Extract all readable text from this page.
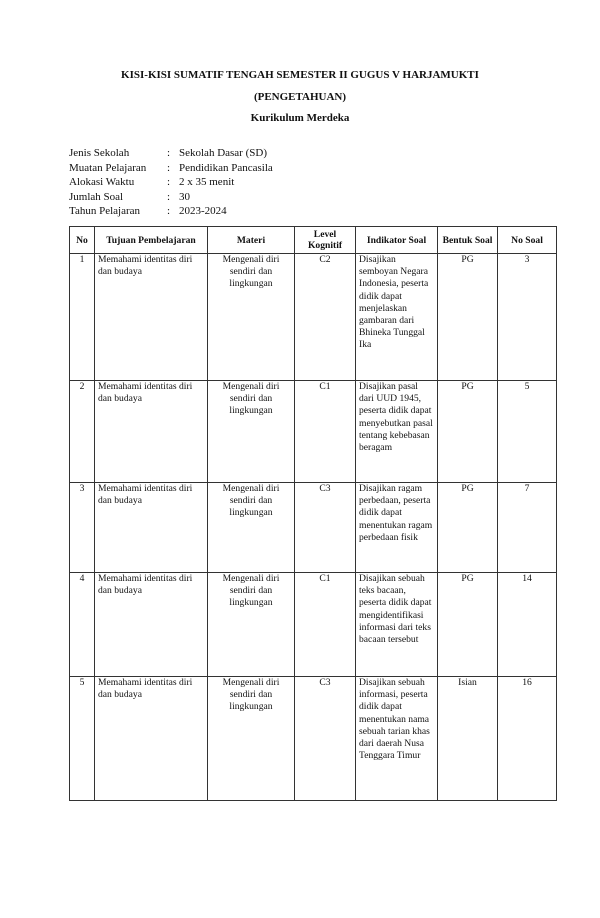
KISI-KISI SUMATIF TENGAH SEMESTER II GUGUS V HARJAMUKTI
(PENGETAHUAN)
Kurikulum Merdeka
Jenis Sekolah	: Sekolah Dasar (SD)
Muatan Pelajaran	: Pendidikan Pancasila
Alokasi Waktu	: 2 x 35 menit
Jumlah Soal	: 30
Tahun Pelajaran	: 2023-2024
No	Tujuan Pembelajaran	Materi	Level Kognitif	Indikator Soal	Bentuk Soal	No Soal
1	Memahami identitas diri dan budaya	Mengenali diri sendiri dan lingkungan	C2	Disajikan semboyan Negara Indonesia, peserta didik dapat menjelaskan gambaran dari Bhineka Tunggal Ika	PG	3
2	Memahami identitas diri dan budaya	Mengenali diri sendiri dan lingkungan	C1	Disajikan pasal dari UUD 1945, peserta didik dapat menyebutkan pasal tentang kebebasan beragam	PG	5
3	Memahami identitas diri dan budaya	Mengenali diri sendiri dan lingkungan	C3	Disajikan ragam perbedaan, peserta didik dapat menentukan ragam perbedaan fisik	PG	7
4	Memahami identitas diri dan budaya	Mengenali diri sendiri dan lingkungan	C1	Disajikan sebuah teks bacaan, peserta didik dapat mengidentifikasi informasi dari teks bacaan tersebut	PG	14
5	Memahami identitas diri dan budaya	Mengenali diri sendiri dan lingkungan	C3	Disajikan sebuah informasi, peserta didik dapat menentukan nama sebuah tarian khas dari daerah Nusa Tenggara Timur	Isian	16
